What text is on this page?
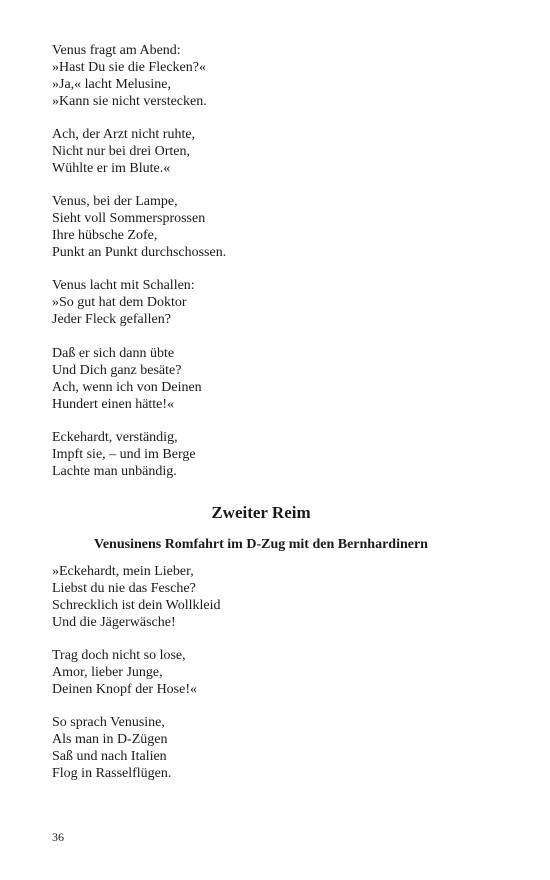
Venus fragt am Abend:
»Hast Du sie die Flecken?«
»Ja,« lacht Melusine,
»Kann sie nicht verstecken.
Ach, der Arzt nicht ruhte,
Nicht nur bei drei Orten,
Wühlte er im Blute.«
Venus, bei der Lampe,
Sieht voll Sommersprossen
Ihre hübsche Zofe,
Punkt an Punkt durchschossen.
Venus lacht mit Schallen:
»So gut hat dem Doktor
Jeder Fleck gefallen?
Daß er sich dann übte
Und Dich ganz besäte?
Ach, wenn ich von Deinen
Hundert einen hätte!«
Eckehardt, verständig,
Impft sie, – und im Berge
Lachte man unbändig.
Zweiter Reim
Venusinens Romfahrt im D-Zug mit den Bernhardinern
»Eckehardt, mein Lieber,
Liebst du nie das Fesche?
Schrecklich ist dein Wollkleid
Und die Jägerwäsche!
Trag doch nicht so lose,
Amor, lieber Junge,
Deinen Knopf der Hose!«
So sprach Venusine,
Als man in D-Zügen
Saß und nach Italien
Flog in Rasselflügen.
36
